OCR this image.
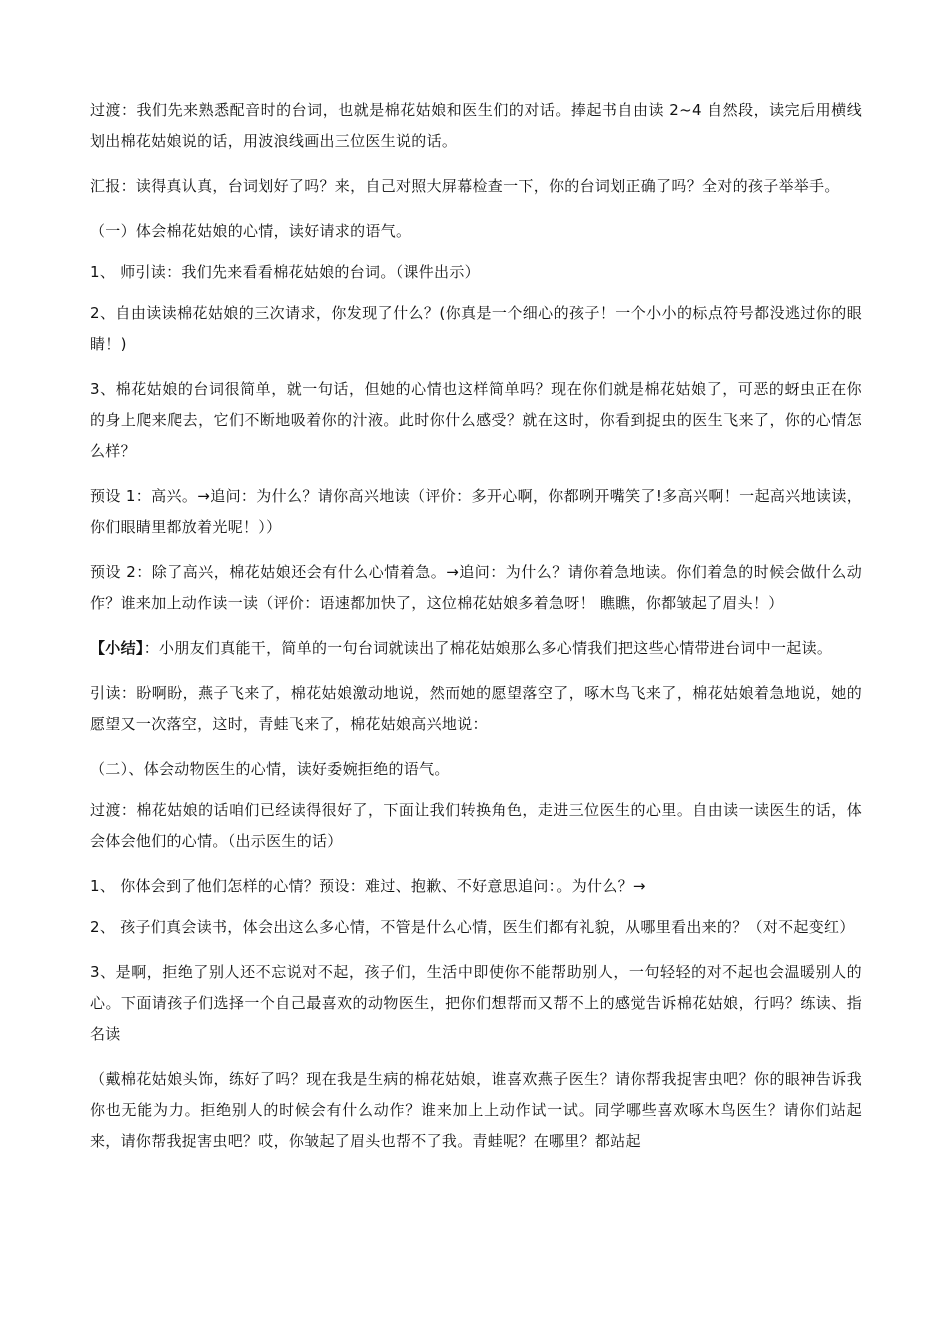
过渡：我们先来熟悉配音时的台词，也就是棉花姑娘和医生们的对话。捧起书自由读 2~4 自然段，读完后用横线划出棉花姑娘说的话，用波浪线画出三位医生说的话。

汇报：读得真认真，台词划好了吗？来，自己对照大屏幕检查一下，你的台词划正确了吗？全对的孩子举举手。

（一）体会棉花姑娘的心情，读好请求的语气。

1、 师引读：我们先来看看棉花姑娘的台词。（课件出示）

2、自由读读棉花姑娘的三次请求，你发现了什么？(你真是一个细心的孩子！一个小小的标点符号都没逃过你的眼睛！)

3、棉花姑娘的台词很简单，就一句话，但她的心情也这样简单吗？现在你们就是棉花姑娘了，可恶的蚜虫正在你的身上爬来爬去，它们不断地吸着你的汁液。此时你什么感受？就在这时，你看到捉虫的医生飞来了，你的心情怎么样？

预设 1：高兴。→追问：为什么？请你高兴地读（评价：多开心啊，你都咧开嘴笑了!多高兴啊！一起高兴地读读，你们眼睛里都放着光呢！））

预设 2：除了高兴，棉花姑娘还会有什么心情着急。→追问：为什么？请你着急地读。你们着急的时候会做什么动作？谁来加上动作读一读（评价：语速都加快了，这位棉花姑娘多着急呀！ 瞧瞧，你都皱起了眉头！）

【小结】：小朋友们真能干，简单的一句台词就读出了棉花姑娘那么多心情我们把这些心情带进台词中一起读。

引读：盼啊盼，燕子飞来了，棉花姑娘激动地说，然而她的愿望落空了，啄木鸟飞来了，棉花姑娘着急地说，她的愿望又一次落空，这时，青蛙飞来了，棉花姑娘高兴地说：

（二）、体会动物医生的心情，读好委婉拒绝的语气。

过渡：棉花姑娘的话咱们已经读得很好了，下面让我们转换角色，走进三位医生的心里。自由读一读医生的话，体会体会他们的心情。（出示医生的话）

1、 你体会到了他们怎样的心情？预设：难过、抱歉、不好意思追问：。为什么？→

2、 孩子们真会读书，体会出这么多心情，不管是什么心情，医生们都有礼貌，从哪里看出来的？（对不起变红）

3、是啊，拒绝了别人还不忘说对不起，孩子们，生活中即使你不能帮助别人，一句轻轻的对不起也会温暖别人的心。下面请孩子们选择一个自己最喜欢的动物医生，把你们想帮而又帮不上的感觉告诉棉花姑娘，行吗？练读、指名读

（戴棉花姑娘头饰，练好了吗？现在我是生病的棉花姑娘，谁喜欢燕子医生？请你帮我捉害虫吧？你的眼神告诉我你也无能为力。拒绝别人的时候会有什么动作？谁来加上上动作试一试。同学哪些喜欢啄木鸟医生？请你们站起来，请你帮我捉害虫吧？哎，你皱起了眉头也帮不了我。青蛙呢？在哪里？都站起
